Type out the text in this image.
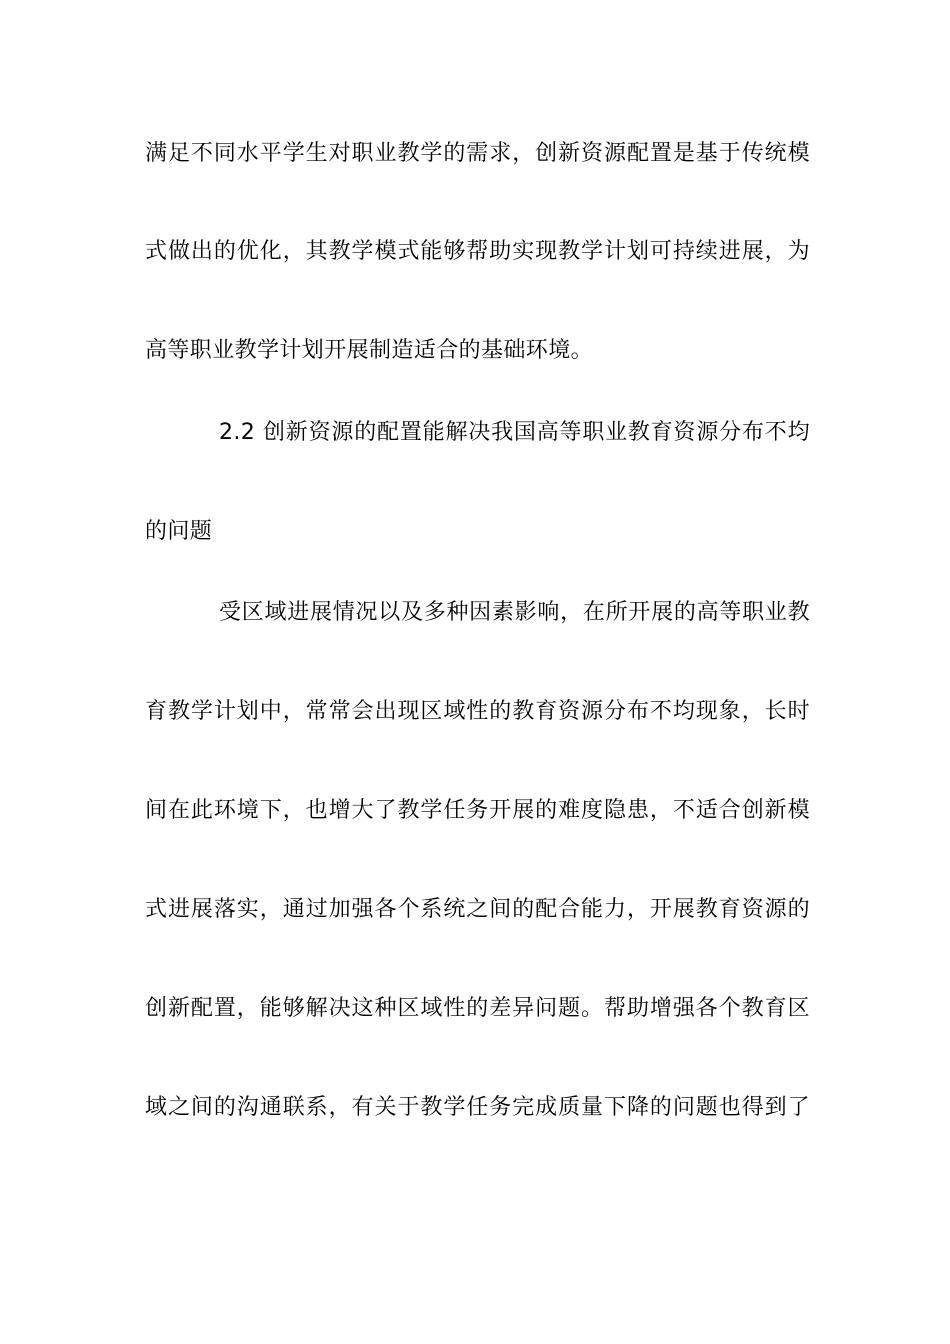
满足不同水平学生对职业教学的需求，创新资源配置是基于传统模
式做出的优化，其教学模式能够帮助实现教学计划可持续进展，为
高等职业教学计划开展制造适合的基础环境。
2.2 创新资源的配置能解决我国高等职业教育资源分布不均
的问题
受区域进展情况以及多种因素影响，在所开展的高等职业教
育教学计划中，常常会出现区域性的教育资源分布不均现象，长时
间在此环境下，也增大了教学任务开展的难度隐患，不适合创新模
式进展落实，通过加强各个系统之间的配合能力，开展教育资源的
创新配置，能够解决这种区域性的差异问题。帮助增强各个教育区
域之间的沟通联系，有关于教学任务完成质量下降的问题也得到了
